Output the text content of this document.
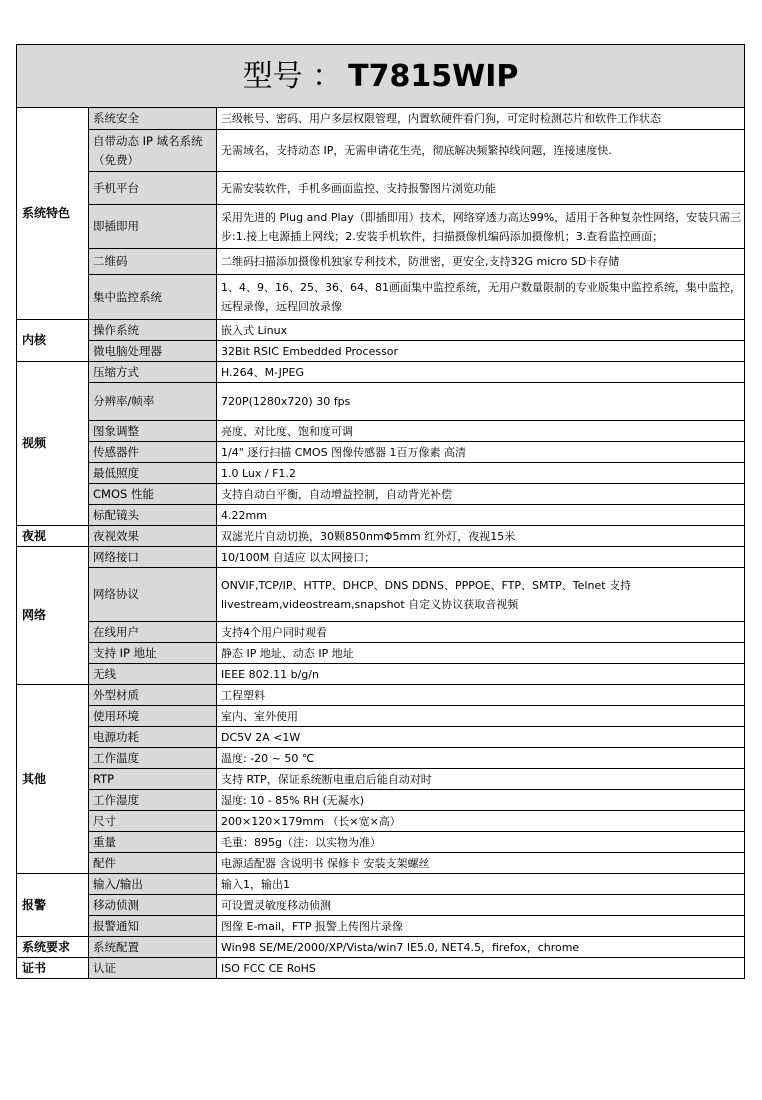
型号 ： T7815WIP		
系统特色	系统安全	三级帐号、密码、用户多层权限管理，内置软硬件看门狗，可定时检测芯片和软件工作状态
	自带动态 IP 域名系统（免费）	无需域名，支持动态 IP，无需申请花生壳，彻底解决频繁掉线问题，连接速度快.
	手机平台	无需安装软件，手机多画面监控、支持报警图片浏览功能
	即插即用	采用先进的 Plug and Play（即插即用）技术，网络穿透力高达99%，适用于各种复杂性网络，安装只需三 步:1.接上电源插上网线；2.安装手机软件，扫描摄像机编码添加摄像机；3.查看监控画面；
	二维码	二维码扫描添加摄像机独家专利技术，防泄密，更安全,支持32G micro SD卡存储
	集中监控系统	1、4、9、16、25、36、64、81画面集中监控系统，无用户数量限制的专业版集中监控系统，集中监控， 远程录像，远程回放录像
内核	操作系统	嵌入式 Linux
	微电脑处理器	32Bit RSIC Embedded Processor
视频	压缩方式	H.264、M-JPEG
	分辨率/帧率	720P(1280x720) 30 fps
	图象调整	亮度、对比度、饱和度可调
	传感器件	1/4" 逐行扫描 CMOS 图像传感器 1百万像素 高清
	最低照度	1.0 Lux / F1.2
	CMOS 性能	支持自动白平衡，自动增益控制，自动背光补偿
	标配镜头	4.22mm
夜视	夜视效果	双滤光片自动切换，30颗850nmΦ5mm 红外灯，夜视15米
网络	网络接口	10/100M 自适应 以太网接口；
	网络协议	ONVIF,TCP/IP、HTTP、DHCP、DNS DDNS、PPPOE、FTP、SMTP、Telnet 支持 livestream,videostream,snapshot 自定义协议获取音视频
	在线用户	支持4个用户同时观看
	支持 IP 地址	静态 IP 地址、动态 IP 地址
	无线	IEEE 802.11 b/g/n
其他	外型材质	工程塑料
	使用环境	室内、室外使用
	电源功耗	DC5V 2A <1W
	工作温度	温度: -20 ~ 50 ℃
	RTP	支持 RTP，保证系统断电重启后能自动对时
	工作湿度	湿度: 10 - 85% RH (无凝水)
	尺寸	200×120×179mm （长×宽×高）
	重量	毛重：895g（注：以实物为准）
	配件	电源适配器 含说明书 保修卡 安装支架螺丝
报警	输入/输出	输入1，输出1
	移动侦测	可设置灵敏度移动侦测
	报警通知	图像 E-mail，FTP 报警上传图片录像
系统要求	系统配置	Win98 SE/ME/2000/XP/Vista/win7 IE5.0, NET4.5，firefox，chrome
证书	认证	ISO FCC CE RoHS
